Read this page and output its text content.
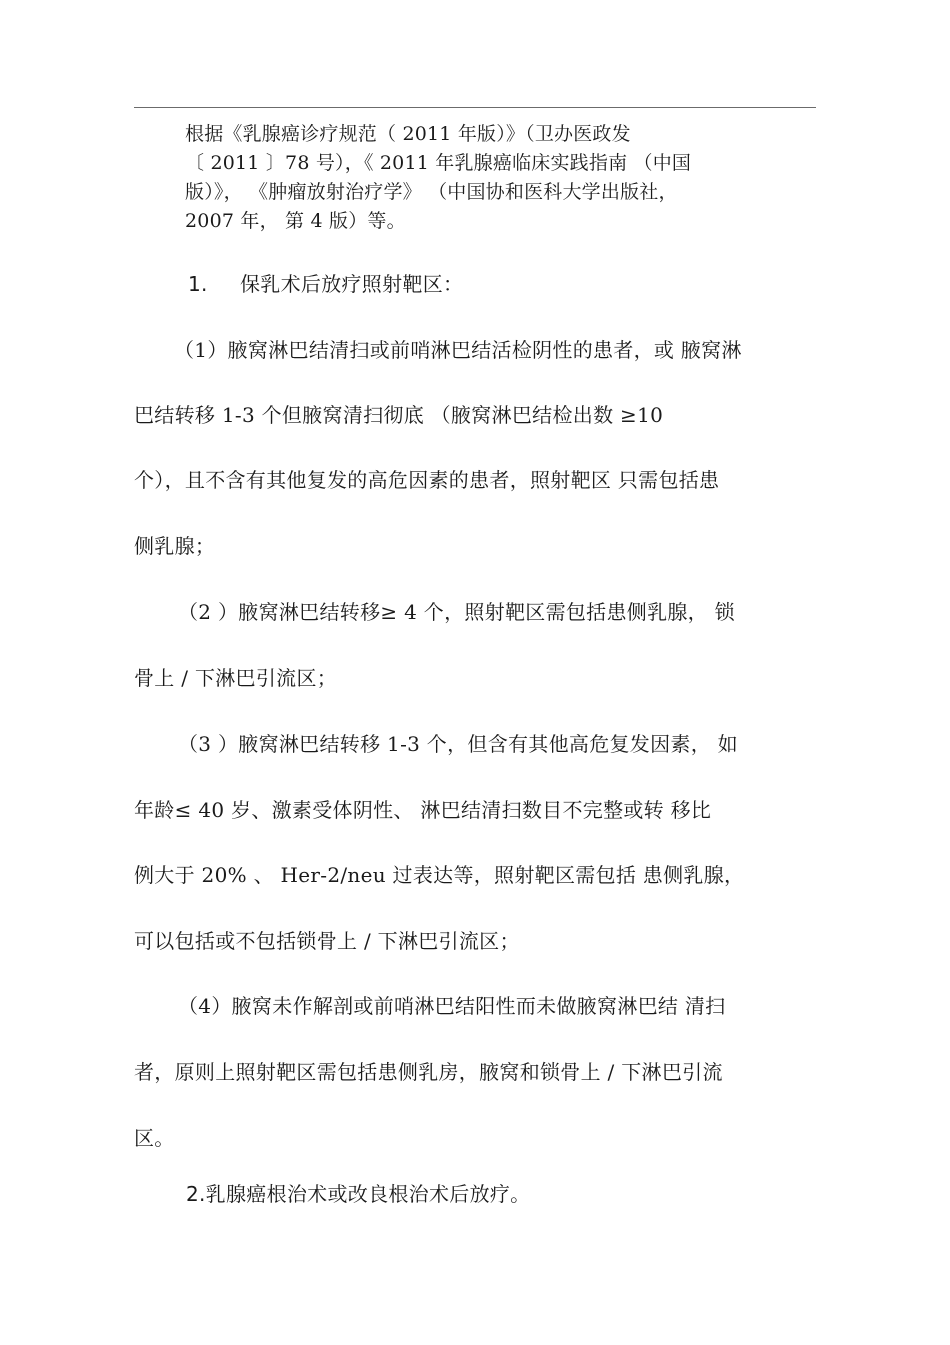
根据《乳腺癌诊疗规范（ 2011 年版）》（卫办医政发
〔 2011 〕78 号），《 2011 年乳腺癌临床实践指南 （中国
版）》， 《肿瘤放射治疗学》 （中国协和医科大学出版社，
2007 年， 第 4 版）等。
1. 保乳术后放疗照射靶区：
（1）腋窝淋巴结清扫或前哨淋巴结活检阴性的患者，或 腋窝淋
巴结转移 1-3 个但腋窝清扫彻底 （腋窝淋巴结检出数 ≥10
个），且不含有其他复发的高危因素的患者，照射靶区 只需包括患
侧乳腺；
（2 ）腋窝淋巴结转移≥ 4 个，照射靶区需包括患侧乳腺， 锁
骨上 / 下淋巴引流区；
（3 ）腋窝淋巴结转移 1-3 个，但含有其他高危复发因素， 如
年龄≤ 40 岁、激素受体阴性、 淋巴结清扫数目不完整或转 移比
例大于 20% 、 Her-2/neu 过表达等，照射靶区需包括 患侧乳腺，
可以包括或不包括锁骨上 / 下淋巴引流区；
（4）腋窝未作解剖或前哨淋巴结阳性而未做腋窝淋巴结 清扫
者，原则上照射靶区需包括患侧乳房，腋窝和锁骨上 / 下淋巴引流
区。
2.乳腺癌根治术或改良根治术后放疗。
